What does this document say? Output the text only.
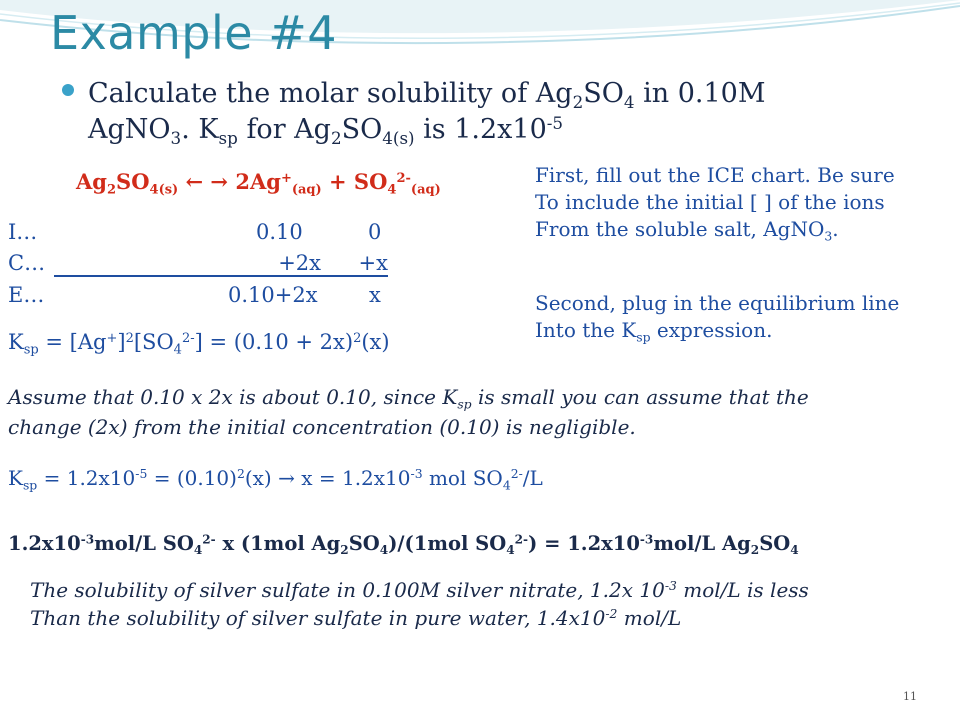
Example #4
Calculate the molar solubility of $Ag_2SO_4$ in 0.10M
AgNO$_3$. $K_{sp}$ for $Ag_2SO_{4(s)}$ is $1.2x10^{-5}$
$Ag_2SO_{4(s)}$ ← → $2Ag^+_{(aq)} + SO_4^{2-}_{(aq)}$
I…	0.10	0
C…	+2x	+x
E…	0.10+2x x
$K_{sp} = [Ag^+]^2[SO_4^{2-}] = (0.10 + 2x)^2(x)$
First, fill out the ICE chart. Be sure
To include the initial [ ] of the ions
From the soluble salt, AgNO$_3$.
Second, plug in the equilibrium line
Into the $K_{sp}$ expression.
Assume that 0.10 x 2x is about 0.10, since $K_{sp}$ is small you can assume that the
change (2x) from the initial concentration (0.10) is negligible.
$K_{sp} = 1.2x10^{-5} = (0.10)^2(x) \to x = 1.2x10^{-3}$ mol $SO_4^{2-}/L$
$1.2x10^{-3}mol/L$ $SO_4^{2-}$ x (1mol $Ag_2SO_4)/(1mol$ $SO_4^{2-}) = 1.2x10^{-3}mol/L$ $Ag_2SO_4$
The solubility of silver sulfate in 0.100M silver nitrate, 1.2x $10^{-3}$ mol/L is less
Than the solubility of silver sulfate in pure water, $1.4x10^{-2}$ mol/L
11
